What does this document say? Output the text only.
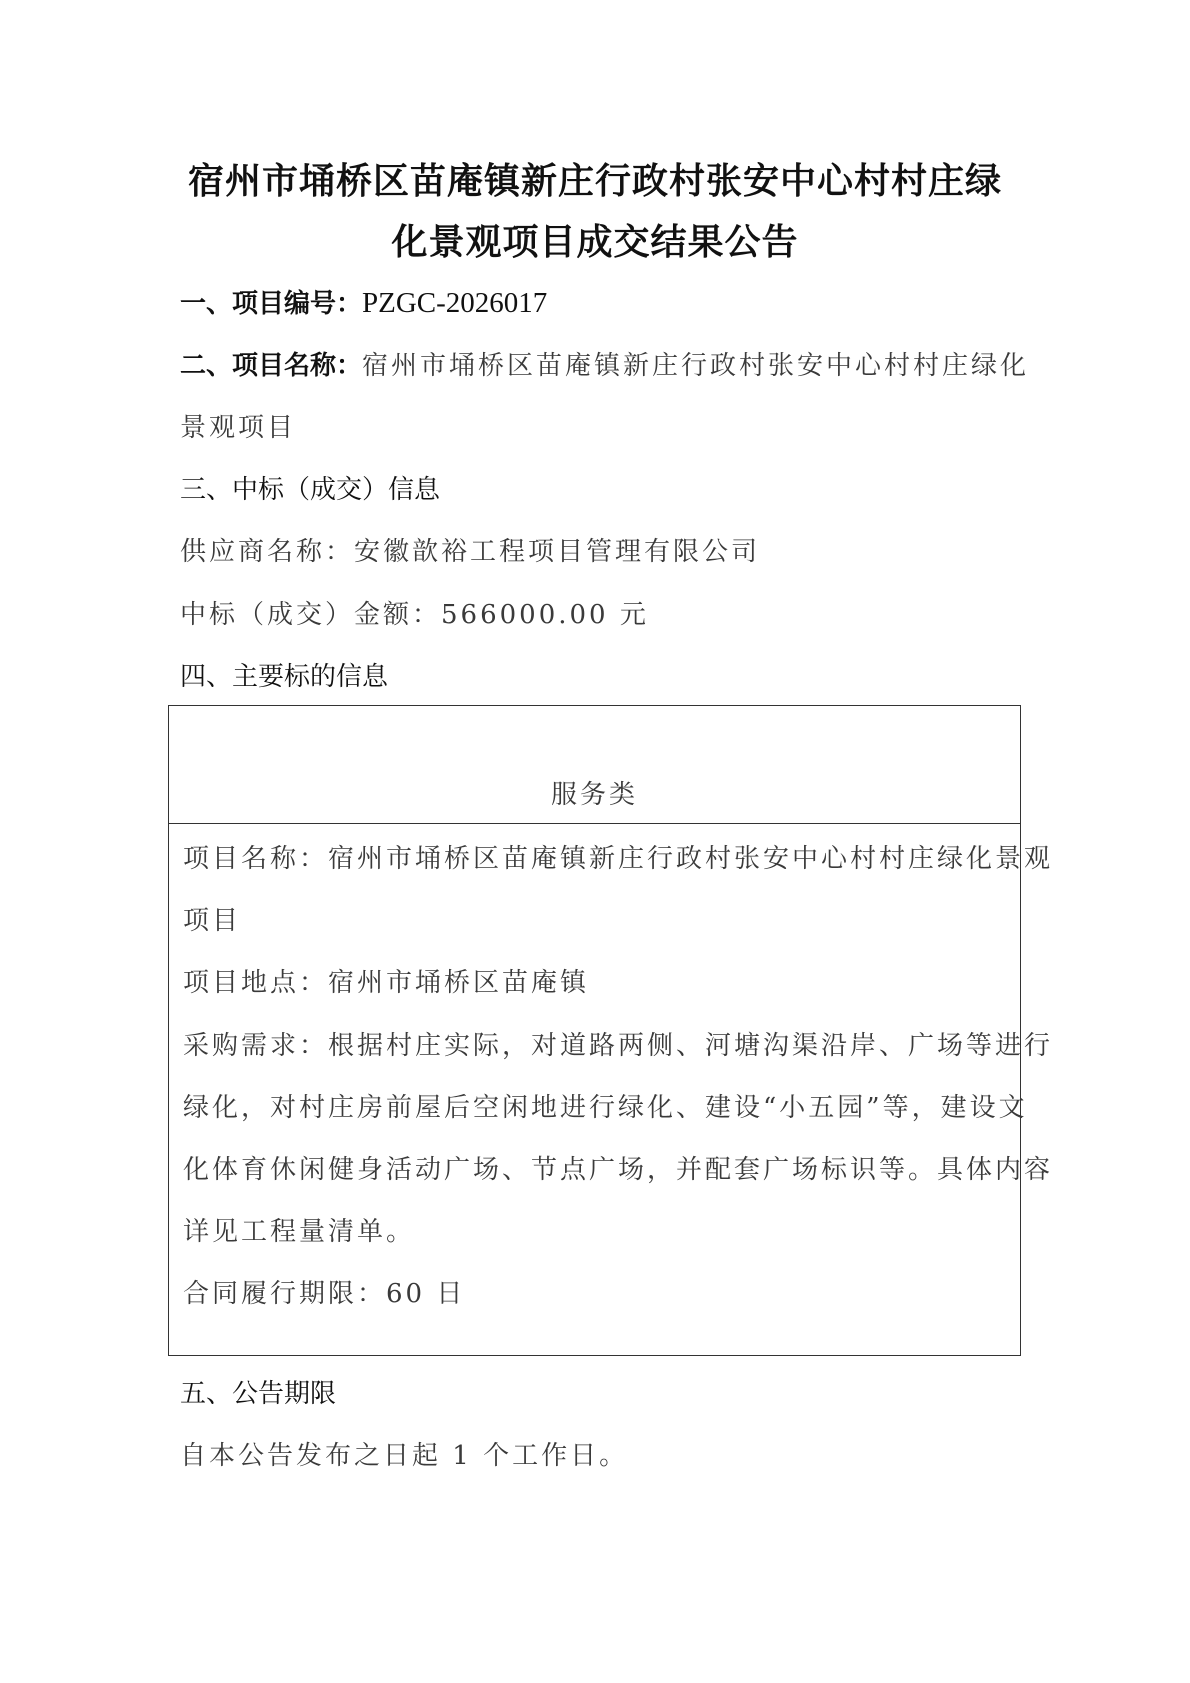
宿州市埇桥区苗庵镇新庄行政村张安中心村村庄绿
化景观项目成交结果公告
一、项目编号：PZGC-2026017
二、项目名称：宿州市埇桥区苗庵镇新庄行政村张安中心村村庄绿化
景观项目
三、中标（成交）信息
供应商名称：安徽歆裕工程项目管理有限公司
中标（成交）金额：566000.00 元
四、主要标的信息
服务类
项目名称：宿州市埇桥区苗庵镇新庄行政村张安中心村村庄绿化景观
项目
项目地点：宿州市埇桥区苗庵镇
采购需求：根据村庄实际，对道路两侧、河塘沟渠沿岸、广场等进行
绿化，对村庄房前屋后空闲地进行绿化、建设“小五园”等，建设文
化体育休闲健身活动广场、节点广场，并配套广场标识等。具体内容
详见工程量清单。
合同履行期限：60 日
五、公告期限
自本公告发布之日起 1 个工作日。
